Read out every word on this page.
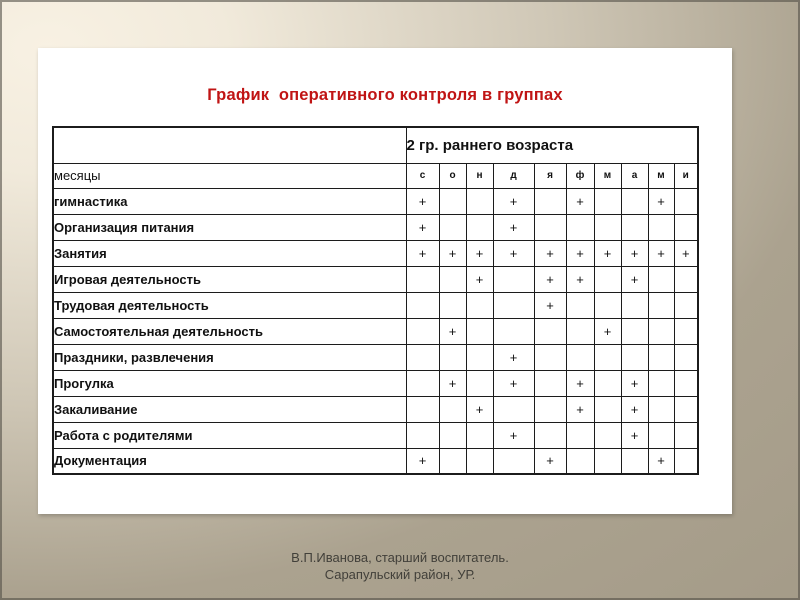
График  оперативного контроля в группах
	2 гр. раннего возраста									
месяцы	с	о	н	д	я	ф	м	а	м	и
гимнастика	+			+		+			+	
Организация питания	+			+						
Занятия	+	+	+	+	+	+	+	+	+	+
Игровая деятельность			+		+	+		+		
Трудовая деятельность					+					
Самостоятельная деятельность		+					+			
Праздники, развлечения				+						
Прогулка		+		+		+		+		
Закаливание			+			+		+		
Работа с родителями				+				+		
Документация	+				+				+	
В.П.Иванова, старший воспитатель.
Сарапульский район, УР.
